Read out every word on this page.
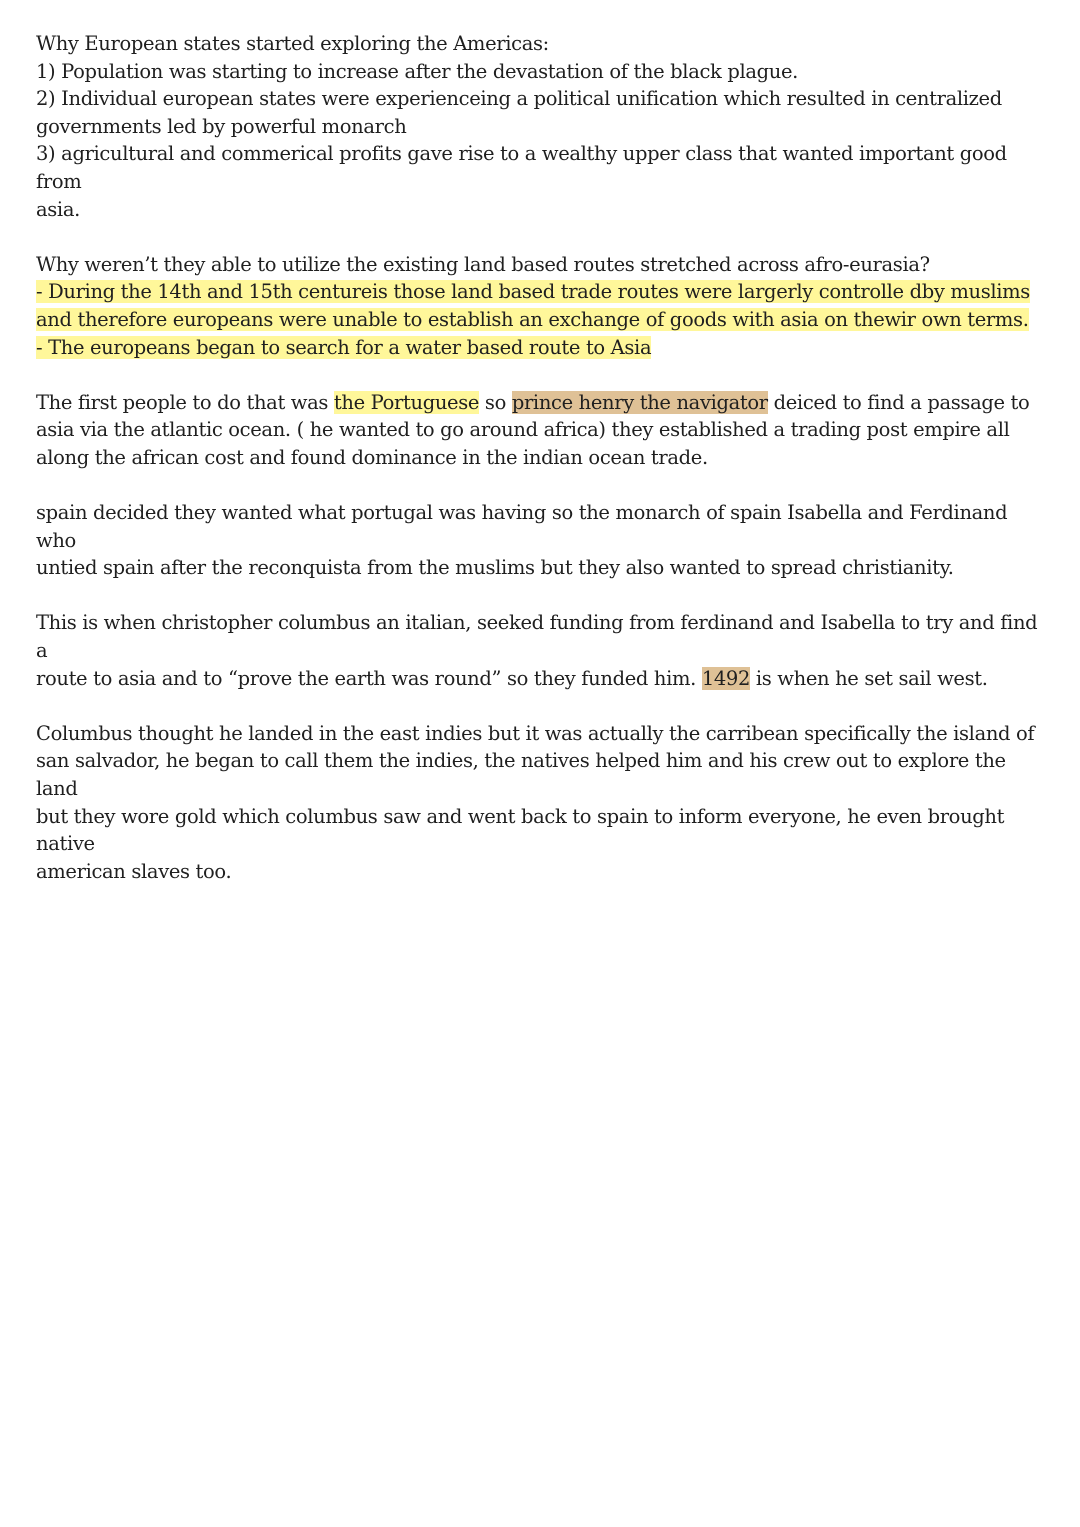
Why European states started exploring the Americas:
1) Population was starting to increase after the devastation of the black plague.
2) Individual european states were experienceing a political unification which resulted in centralized
governments led by powerful monarch
3) agricultural and commerical profits gave rise to a wealthy upper class that wanted important good from
asia.
Why weren’t they able to utilize the existing land based routes stretched across afro-eurasia?
- During the 14th and 15th centureis those land based trade routes were largerly controlle dby muslims
and therefore europeans were unable to establish an exchange of goods with asia on thewir own terms.
- The europeans began to search for a water based route to Asia
The first people to do that was the Portuguese so prince henry the navigator deiced to find a passage to
asia via the atlantic ocean. ( he wanted to go around africa) they established a trading post empire all
along the african cost and found dominance in the indian ocean trade.
spain decided they wanted what portugal was having so the monarch of spain Isabella and Ferdinand who
untied spain after the reconquista from the muslims but they also wanted to spread christianity.
This is when christopher columbus an italian, seeked funding from ferdinand and Isabella to try and find a
route to asia and to “prove the earth was round” so they funded him. 1492 is when he set sail west.
Columbus thought he landed in the east indies but it was actually the carribean specifically the island of
san salvador, he began to call them the indies, the natives helped him and his crew out to explore the land
but they wore gold which columbus saw and went back to spain to inform everyone, he even brought native
american slaves too.
